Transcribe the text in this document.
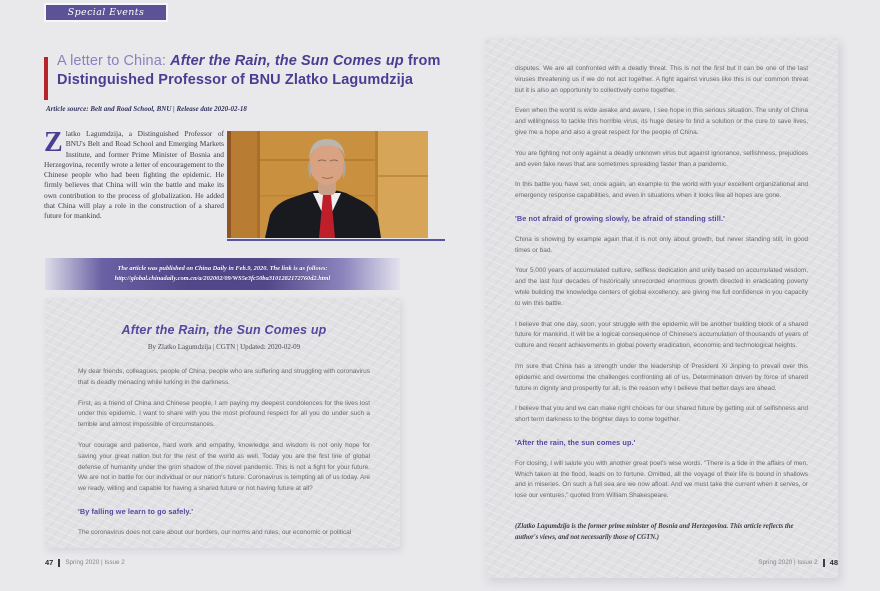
Special Events
A letter to China: After the Rain, the Sun Comes up from Distinguished Professor of BNU Zlatko Lagumdzija
Article source: Belt and Road School, BNU | Release date 2020-02-18
Zlatko Lagumdzija, a Distinguished Professor of BNU's Belt and Road School and Emerging Markets Institute, and former Prime Minister of Bosnia and Herzegovina, recently wrote a letter of encouragement to the Chinese people who had been fighting the epidemic. He firmly believes that China will win the battle and make its own contribution to the process of globalization. He added that China will play a role in the construction of a shared future for mankind.
The article was published on China Daily in Feb.9, 2020. The link is as follows:
http://global.chinadaily.com.cn/a/202002/09/WS5e3fc50ba3101282172760d2.html
After the Rain, the Sun Comes up
By Zlatko Lagumdzija | CGTN | Updated: 2020-02-09
My dear friends, colleagues, people of China, people who are suffering and struggling with coronavirus that is deadly menacing while lurking in the darkness.
First, as a friend of China and Chinese people, I am paying my deepest condolences for the lives lost under this epidemic. I want to share with you the most profound respect for all you do under such a terrible and almost impossible of circumstances.
Your courage and patience, hard work and empathy, knowledge and wisdom is not only hope for saving your great nation but for the rest of the world as well. Today you are the first line of global defense of humanity under the grim shadow of the novel pandemic. This is not a fight for your future. We are not in battle for our individual or our nation's future. Coronavirus is tempting all of us today. Are we ready, willing and capable for having a shared future or not having future at all?
'By falling we learn to go safely.'
The coronavirus does not care about our borders, our norms and rules, our economic or political
47 Spring 2020 | Issue 2
disputes. We are all confronted with a deadly threat. This is not the first but it can be one of the last viruses threatening us if we do not act together. A fight against viruses like this is our common threat but it is also an opportunity to collectively come together.
Even when the world is wide awake and aware, I see hope in this serious situation. The unity of China and willingness to tackle this horrible virus, its huge desire to find a solution or the cure to save lives, give me a hope and also a great respect for the people of China.
You are fighting not only against a deadly unknown virus but against ignorance, selfishness, prejudices and even fake news that are sometimes spreading faster than a pandemic.
In this battle you have set, once again, an example to the world with your excellent organizational and emergency response capabilities, and even in situations when it looks like all hopes are gone.
'Be not afraid of growing slowly, be afraid of standing still.'
China is showing by example again that it is not only about growth, but never standing still, in good times or bad.
Your 5,000 years of accumulated culture, selfless dedication and unity based on accumulated wisdom, and the last four decades of historically unrecorded enormous growth directed in eradicating poverty while building the knowledge centers of global excellency, are giving me full confidence in you capacity to win this battle.
I believe that one day, soon, your struggle with the epidemic will be another building block of a shared future for mankind. It will be a logical consequence of Chinese's accumulation of thousands of years of culture and recent achievements in global poverty eradication, economic and technological heights.
I'm sure that China has a strength under the leadership of President Xi Jinping to prevail over this epidemic and overcome the challenges confronting all of us. Determination driven by force of shared future in dignity and prosperity for all, is the reason why I believe that better days are ahead.
I believe that you and we can make right choices for our shared future by getting out of selfishness and short term darkness to the brighter days to come together.
'After the rain, the sun comes up.'
For closing, I will salute you with another great poet's wise words. "There is a tide in the affairs of men. Which taken at the flood, leads on to fortune. Omitted, all the voyage of their life is bound in shallows and in miseries. On such a full sea are we now afloat. And we must take the current when it serves, or lose our ventures," quoted from William Shakespeare.
(Zlatko Lagumdzija is the former prime minister of Bosnia and Herzegovina. This article reflects the author's views, and not necessarily those of CGTN.)
Spring 2020 | Issue 2 48
